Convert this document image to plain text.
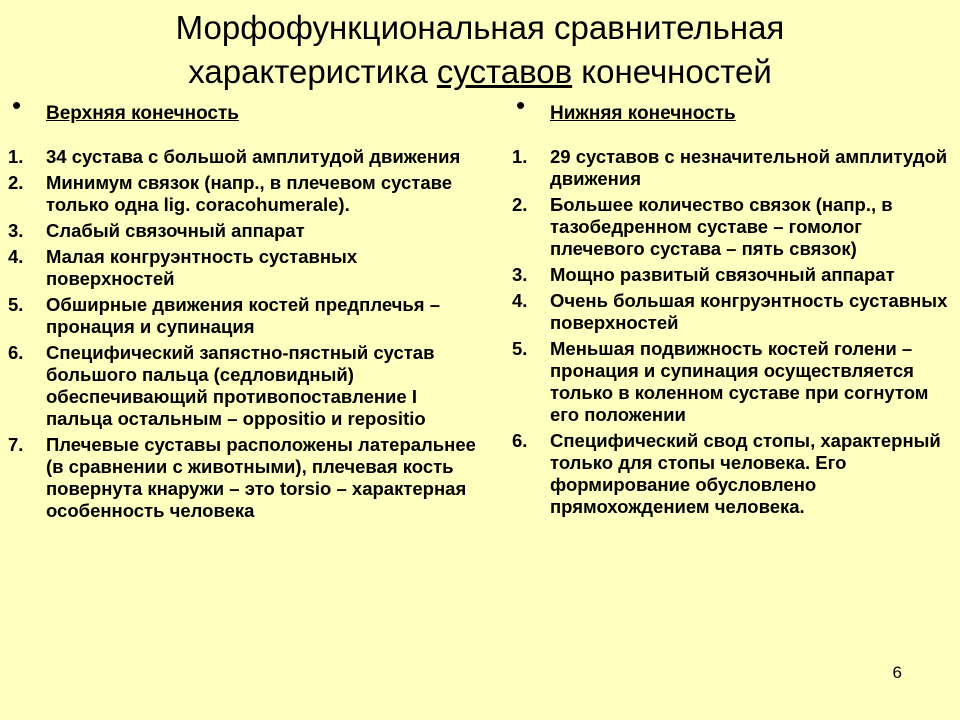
Морфофункциональная сравнительная
характеристика суставов конечностей
• Верхняя конечность
1. 34 сустава с большой амплитудой движения
2. Минимум связок (напр., в плечевом суставе только одна lig. coracohumerale).
3. Слабый связочный аппарат
4. Малая конгруэнтность суставных поверхностей
5. Обширные движения костей предплечья – пронация и супинация
6. Специфический запястно-пястный сустав большого пальца (седловидный) обеспечивающий противопоставление I пальца остальным – oppositio и repositio
7. Плечевые суставы расположены латеральнее (в сравнении с животными), плечевая кость повернута кнаружи – это torsio – характерная особенность человека
• Нижняя конечность
1. 29 суставов с незначительной амплитудой движения
2. Большее количество связок (напр., в тазобедренном суставе – гомолог плечевого сустава – пять связок)
3. Мощно развитый связочный аппарат
4. Очень большая конгруэнтность суставных поверхностей
5. Меньшая подвижность костей голени – пронация и супинация осуществляется только в коленном суставе при согнутом его положении
6. Специфический свод стопы, характерный только для стопы человека. Его формирование обусловлено прямохождением человека.
6
